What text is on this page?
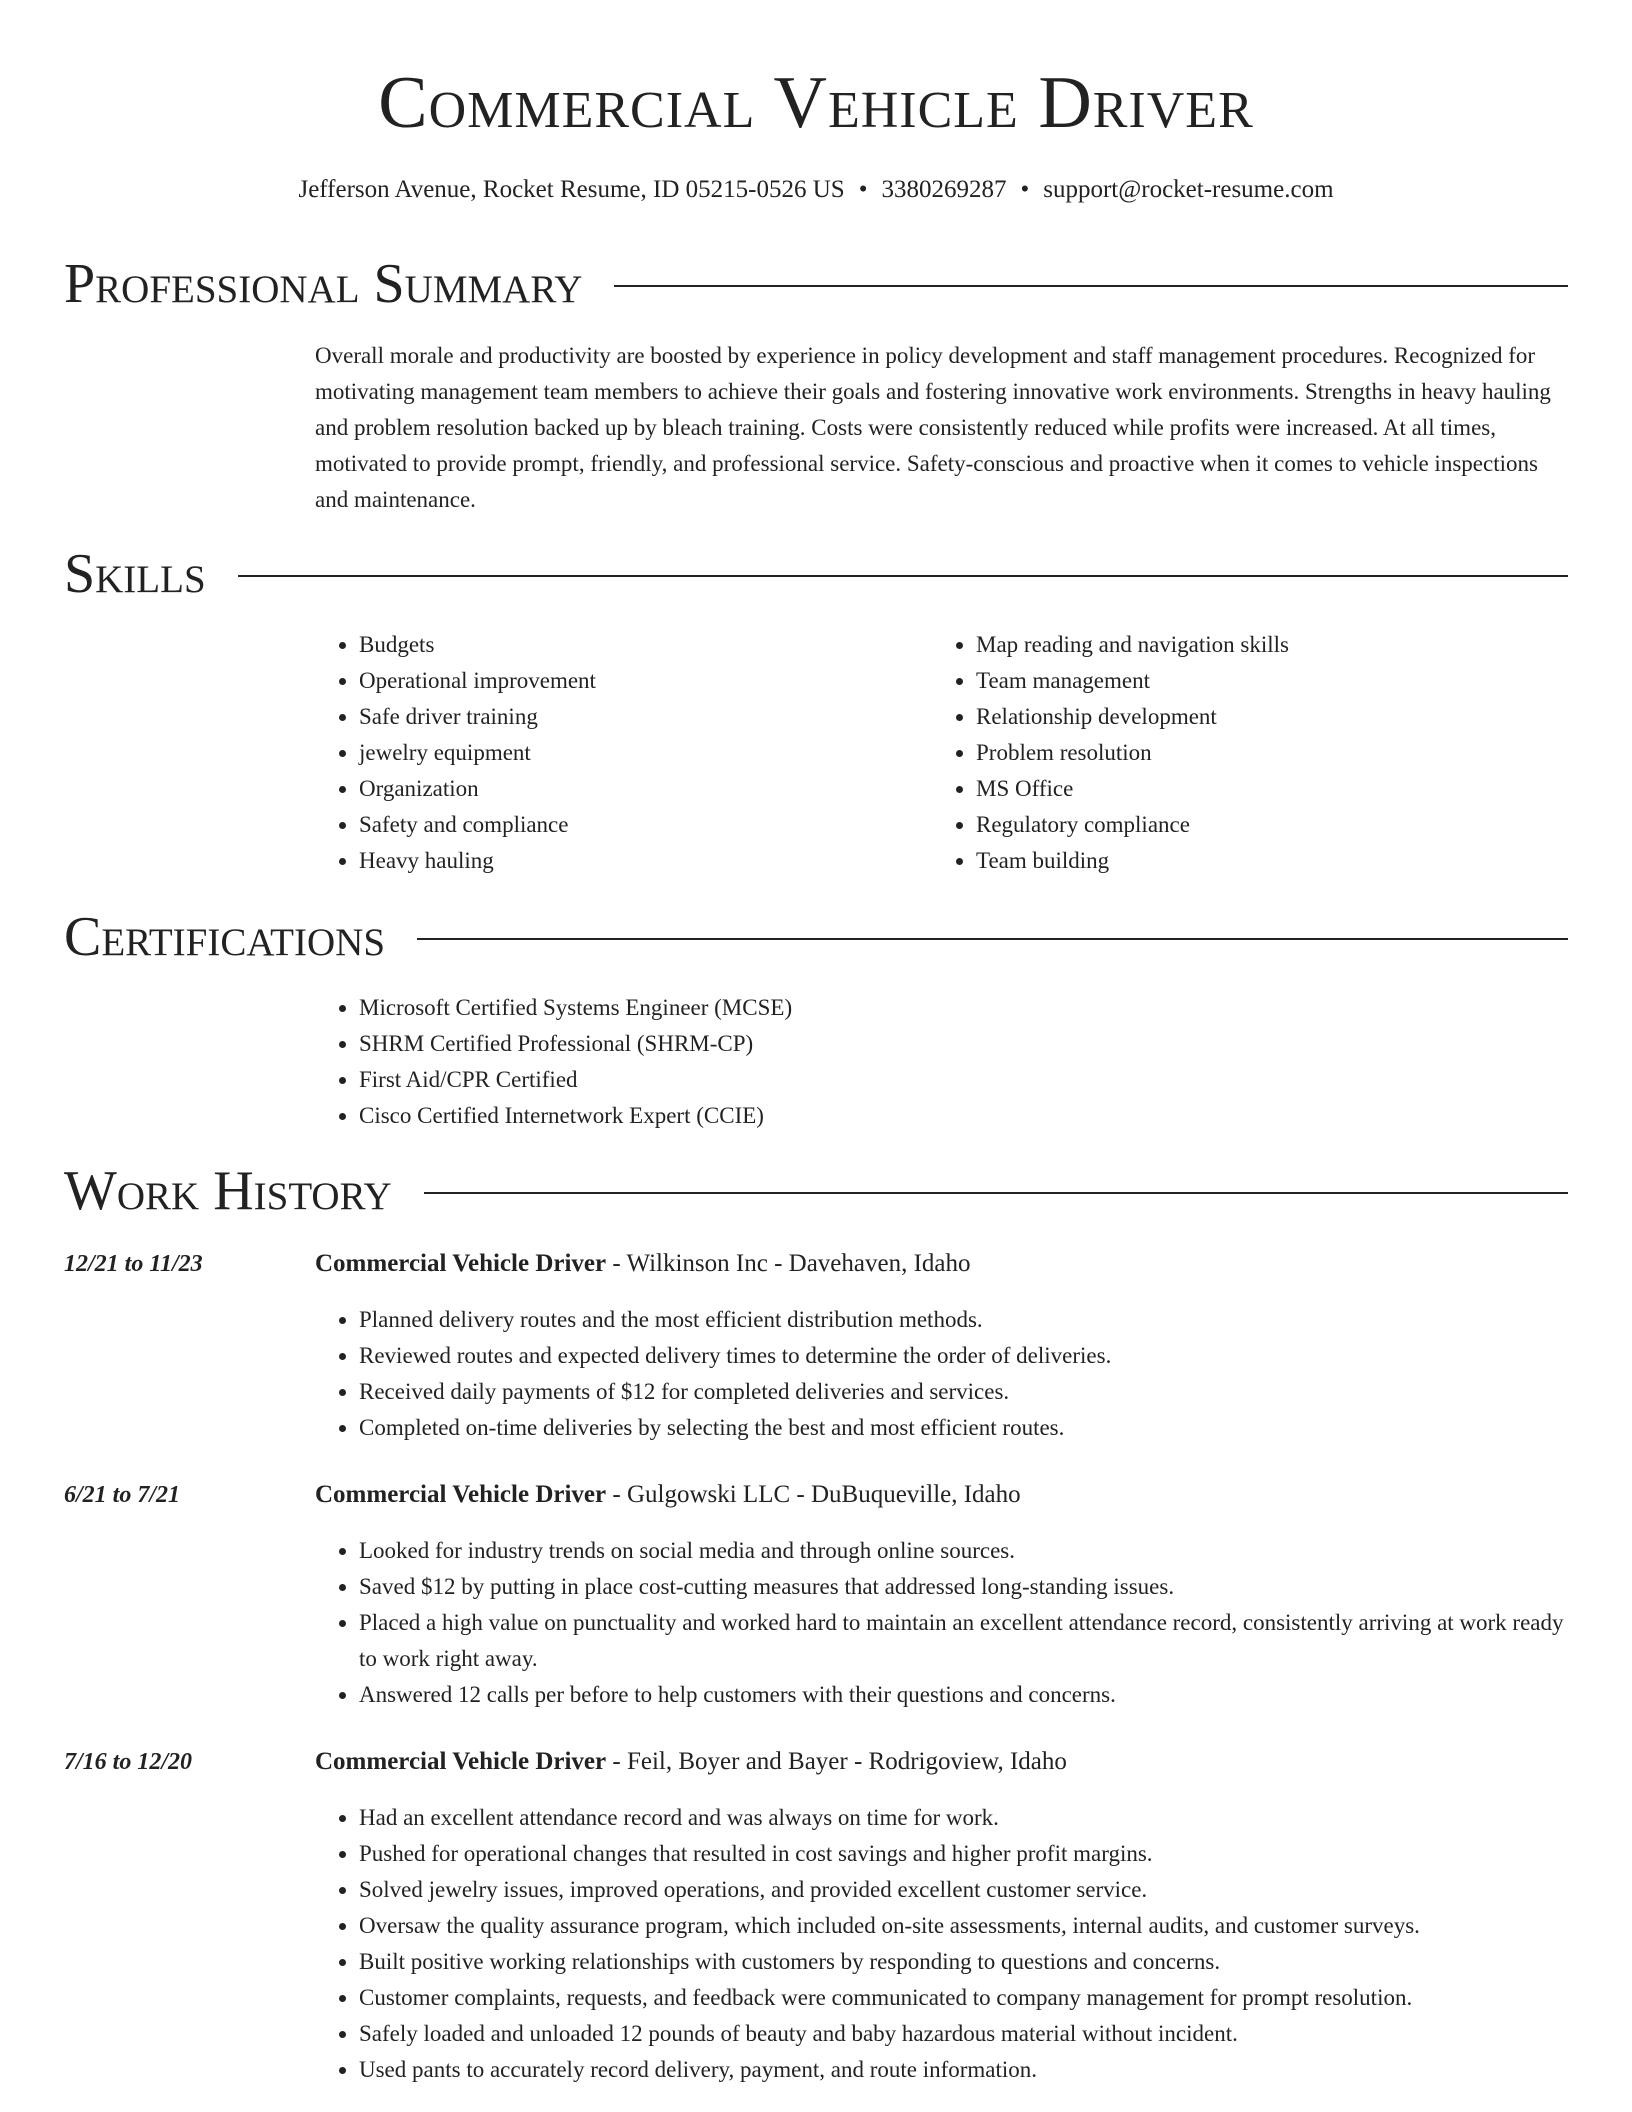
Commercial Vehicle Driver
Jefferson Avenue, Rocket Resume, ID 05215-0526 US • 3380269287 • support@rocket-resume.com
Professional Summary
Overall morale and productivity are boosted by experience in policy development and staff management procedures. Recognized for motivating management team members to achieve their goals and fostering innovative work environments. Strengths in heavy hauling and problem resolution backed up by bleach training. Costs were consistently reduced while profits were increased. At all times, motivated to provide prompt, friendly, and professional service. Safety-conscious and proactive when it comes to vehicle inspections and maintenance.
Skills
• Budgets
• Operational improvement
• Safe driver training
• jewelry equipment
• Organization
• Safety and compliance
• Heavy hauling
• Map reading and navigation skills
• Team management
• Relationship development
• Problem resolution
• MS Office
• Regulatory compliance
• Team building
Certifications
• Microsoft Certified Systems Engineer (MCSE)
• SHRM Certified Professional (SHRM-CP)
• First Aid/CPR Certified
• Cisco Certified Internetwork Expert (CCIE)
Work History
12/21 to 11/23	Commercial Vehicle Driver - Wilkinson Inc - Davehaven, Idaho
• Planned delivery routes and the most efficient distribution methods.
• Reviewed routes and expected delivery times to determine the order of deliveries.
• Received daily payments of $12 for completed deliveries and services.
• Completed on-time deliveries by selecting the best and most efficient routes.
6/21 to 7/21	Commercial Vehicle Driver - Gulgowski LLC - DuBuqueville, Idaho
• Looked for industry trends on social media and through online sources.
• Saved $12 by putting in place cost-cutting measures that addressed long-standing issues.
• Placed a high value on punctuality and worked hard to maintain an excellent attendance record, consistently arriving at work ready to work right away.
• Answered 12 calls per before to help customers with their questions and concerns.
7/16 to 12/20	Commercial Vehicle Driver - Feil, Boyer and Bayer - Rodrigoview, Idaho
• Had an excellent attendance record and was always on time for work.
• Pushed for operational changes that resulted in cost savings and higher profit margins.
• Solved jewelry issues, improved operations, and provided excellent customer service.
• Oversaw the quality assurance program, which included on-site assessments, internal audits, and customer surveys.
• Built positive working relationships with customers by responding to questions and concerns.
• Customer complaints, requests, and feedback were communicated to company management for prompt resolution.
• Safely loaded and unloaded 12 pounds of beauty and baby hazardous material without incident.
• Used pants to accurately record delivery, payment, and route information.
